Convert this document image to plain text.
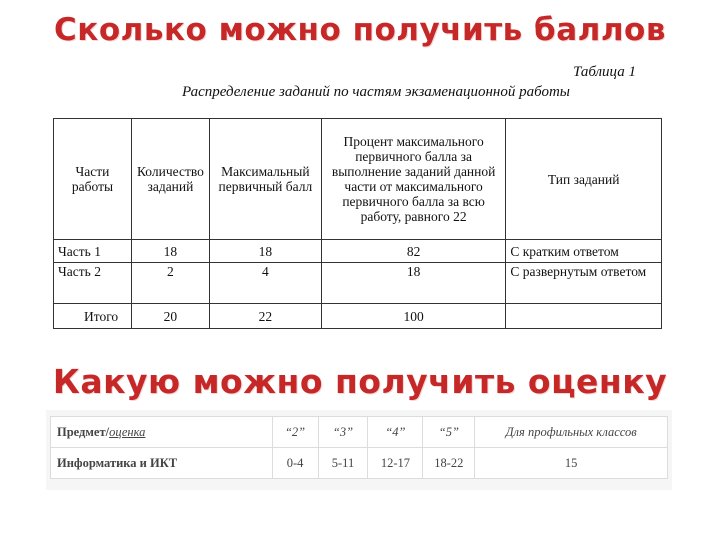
Сколько можно получить баллов
Таблица 1
Распределение заданий по частям экзаменационной работы
Части работы	Количество заданий	Максимальный первичный балл	Процент максимального первичного балла за выполнение заданий данной части от максимального первичного балла за всю работу, равного 22	Тип заданий
Часть 1	18	18	82	С кратким ответом
Часть 2	2	4	18	С развернутым ответом
Итого	20	22	100	
Какую можно получить оценку
Предмет/оценка	“2”	“3”	“4”	“5”	Для профильных классов
Информатика и ИКТ	0-4	5-11	12-17	18-22	15
